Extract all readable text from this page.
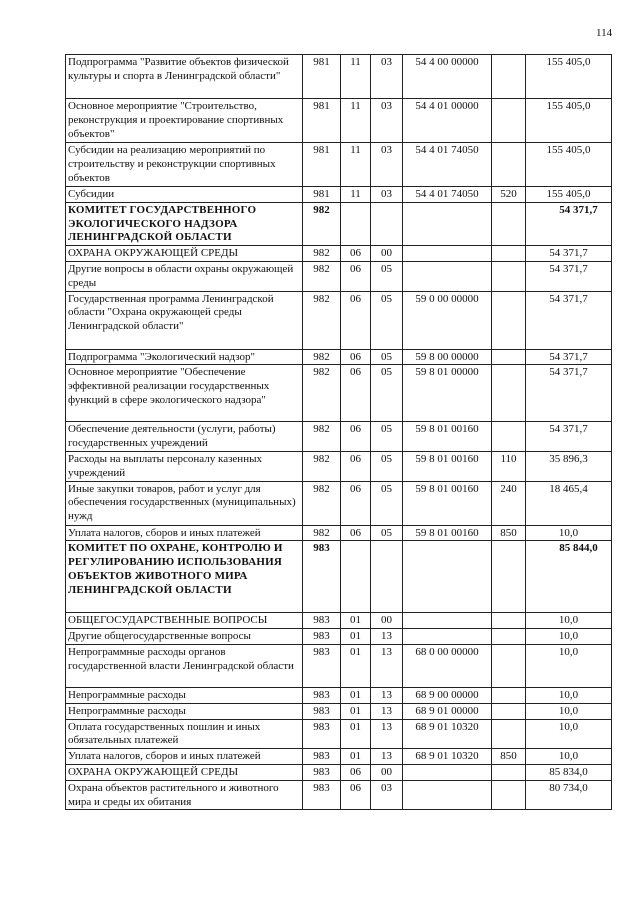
114
Подпрограмма "Развитие объектов физической культуры и спорта в Ленинградской области"	981	11	03	54 4 00 00000		155 405,0
Основное мероприятие "Строительство, реконструкция и проектирование спортивных объектов"	981	11	03	54 4 01 00000		155 405,0
Субсидии на реализацию мероприятий по строительству и реконструкции спортивных объектов	981	11	03	54 4 01 74050		155 405,0
Субсидии	981	11	03	54 4 01 74050	520	155 405,0
КОМИТЕТ ГОСУДАРСТВЕННОГО ЭКОЛОГИЧЕСКОГО НАДЗОРА ЛЕНИНГРАДСКОЙ ОБЛАСТИ	982					54 371,7
ОХРАНА ОКРУЖАЮЩЕЙ СРЕДЫ	982	06	00			54 371,7
Другие вопросы в области охраны окружающей среды	982	06	05			54 371,7
Государственная программа Ленинградской области "Охрана окружающей среды Ленинградской области"	982	06	05	59 0 00 00000		54 371,7
Подпрограмма "Экологический надзор"	982	06	05	59 8 00 00000		54 371,7
Основное мероприятие "Обеспечение эффективной реализации государственных функций в сфере экологического надзора"	982	06	05	59 8 01 00000		54 371,7
Обеспечение деятельности (услуги, работы) государственных учреждений	982	06	05	59 8 01 00160		54 371,7
Расходы на выплаты персоналу казенных учреждений	982	06	05	59 8 01 00160	110	35 896,3
Иные закупки товаров, работ и услуг для обеспечения государственных (муниципальных) нужд	982	06	05	59 8 01 00160	240	18 465,4
Уплата налогов, сборов и иных платежей	982	06	05	59 8 01 00160	850	10,0
КОМИТЕТ ПО ОХРАНЕ, КОНТРОЛЮ И РЕГУЛИРОВАНИЮ ИСПОЛЬЗОВАНИЯ ОБЪЕКТОВ ЖИВОТНОГО МИРА ЛЕНИНГРАДСКОЙ ОБЛАСТИ	983					85 844,0
ОБЩЕГОСУДАРСТВЕННЫЕ ВОПРОСЫ	983	01	00			10,0
Другие общегосударственные вопросы	983	01	13			10,0
Непрограммные расходы органов государственной власти Ленинградской области	983	01	13	68 0 00 00000		10,0
Непрограммные расходы	983	01	13	68 9 00 00000		10,0
Непрограммные расходы	983	01	13	68 9 01 00000		10,0
Оплата государственных пошлин и иных обязательных платежей	983	01	13	68 9 01 10320		10,0
Уплата налогов, сборов и иных платежей	983	01	13	68 9 01 10320	850	10,0
ОХРАНА ОКРУЖАЮЩЕЙ СРЕДЫ	983	06	00			85 834,0
Охрана объектов растительного и животного мира и среды их обитания	983	06	03			80 734,0
